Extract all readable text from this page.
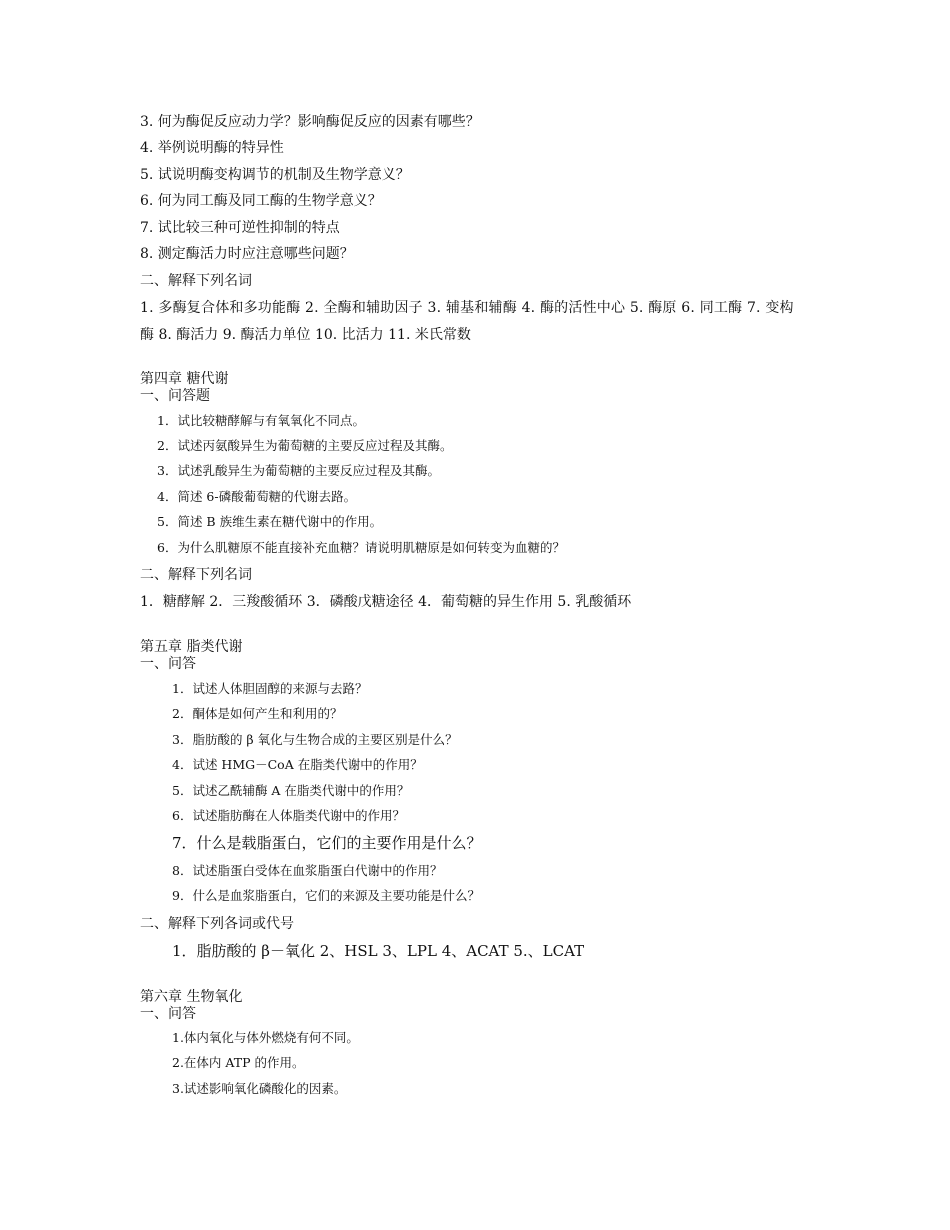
3. 何为酶促反应动力学？影响酶促反应的因素有哪些？
4. 举例说明酶的特异性
5. 试说明酶变构调节的机制及生物学意义？
6. 何为同工酶及同工酶的生物学意义？
7. 试比较三种可逆性抑制的特点
8. 测定酶活力时应注意哪些问题？
二、解释下列名词
1. 多酶复合体和多功能酶 2. 全酶和辅助因子 3. 辅基和辅酶 4. 酶的活性中心 5. 酶原 6. 同工酶 7. 变构
酶 8. 酶活力 9. 酶活力单位 10. 比活力 11. 米氏常数
第四章 糖代谢
一、问答题
1．试比较糖酵解与有氧氧化不同点。
2．试述丙氨酸异生为葡萄糖的主要反应过程及其酶。
3．试述乳酸异生为葡萄糖的主要反应过程及其酶。
4．简述 6-磷酸葡萄糖的代谢去路。
5．简述 B 族维生素在糖代谢中的作用。
6．为什么肌糖原不能直接补充血糖？请说明肌糖原是如何转变为血糖的？
二、解释下列名词
1．糖酵解 2．三羧酸循环 3．磷酸戊糖途径 4．葡萄糖的异生作用 5. 乳酸循环
第五章 脂类代谢
一、问答
1．试述人体胆固醇的来源与去路？
2．酮体是如何产生和利用的？
3．脂肪酸的 β 氧化与生物合成的主要区别是什么？
4．试述 HMG－CoA 在脂类代谢中的作用？
5．试述乙酰辅酶 A 在脂类代谢中的作用？
6．试述脂肪酶在人体脂类代谢中的作用？
7．什么是载脂蛋白，它们的主要作用是什么？
8．试述脂蛋白受体在血浆脂蛋白代谢中的作用？
9．什么是血浆脂蛋白，它们的来源及主要功能是什么？
二、解释下列各词或代号
1．脂肪酸的 β－氧化 2、HSL 3、LPL 4、ACAT 5.、LCAT
第六章 生物氧化
一、问答
1.体内氧化与体外燃烧有何不同。
2.在体内 ATP 的作用。
3.试述影响氧化磷酸化的因素。
